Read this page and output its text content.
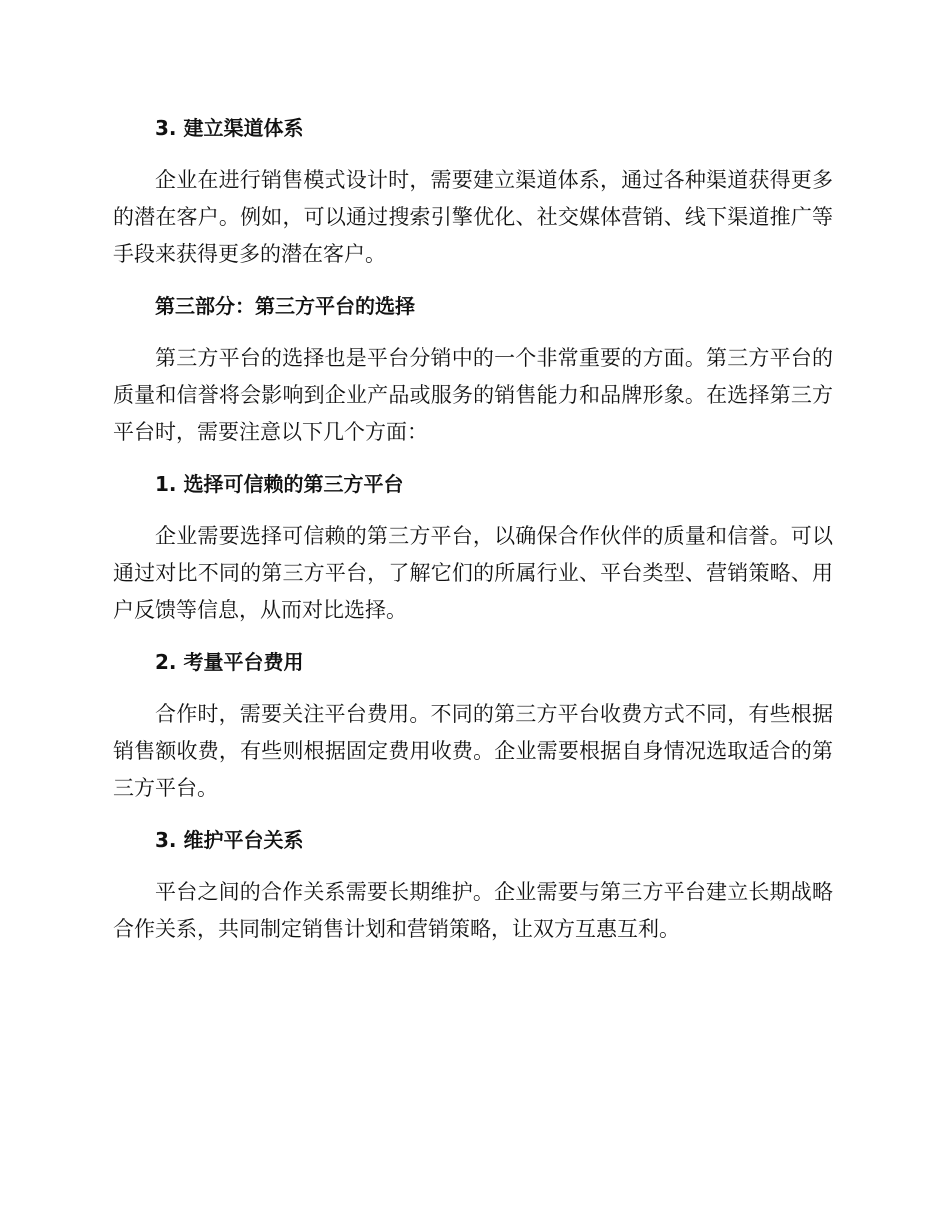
3. 建立渠道体系

企业在进行销售模式设计时，需要建立渠道体系，通过各种渠道获得更多的潜在客户。例如，可以通过搜索引擎优化、社交媒体营销、线下渠道推广等手段来获得更多的潜在客户。

第三部分：第三方平台的选择

第三方平台的选择也是平台分销中的一个非常重要的方面。第三方平台的质量和信誉将会影响到企业产品或服务的销售能力和品牌形象。在选择第三方平台时，需要注意以下几个方面：

1. 选择可信赖的第三方平台

企业需要选择可信赖的第三方平台，以确保合作伙伴的质量和信誉。可以通过对比不同的第三方平台，了解它们的所属行业、平台类型、营销策略、用户反馈等信息，从而对比选择。

2. 考量平台费用

合作时，需要关注平台费用。不同的第三方平台收费方式不同，有些根据销售额收费，有些则根据固定费用收费。企业需要根据自身情况选取适合的第三方平台。

3. 维护平台关系

平台之间的合作关系需要长期维护。企业需要与第三方平台建立长期战略合作关系，共同制定销售计划和营销策略，让双方互惠互利。
